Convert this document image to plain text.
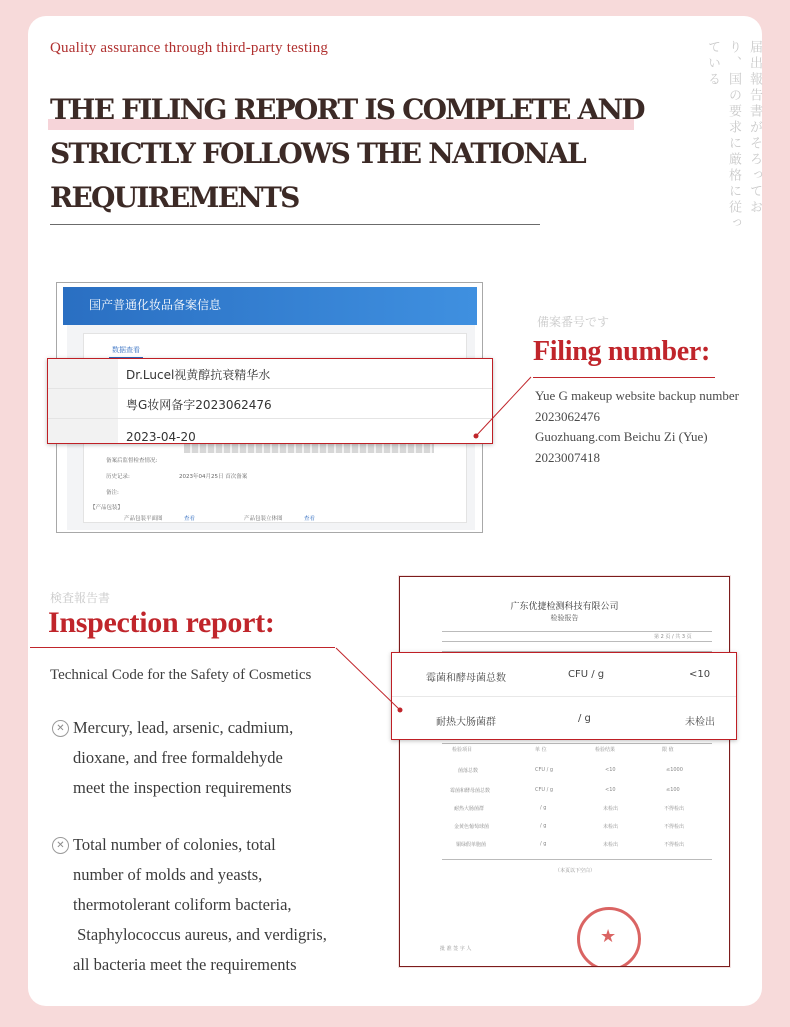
Quality assurance through third-party testing
THE FILING REPORT IS COMPLETE AND
STRICTLY FOLLOWS THE NATIONAL
REQUIREMENTS	届出報告書がそろっており、国の要求に厳格に従っている
国产普通化妆品备案信息
数据查看
备案后监督检查情况:
历史记录:	2023年04月25日 首次备案
备注:
【产品包装】
产品包装平面图	查看	产品包装立体图	查看
Dr.Lucel视黄醇抗衰精华水
粤G妆网备字2023062476
2023-04-20
備案番号です
Filing number:
Yue G makeup website backup number
2023062476
Guozhuang.com Beichu Zi (Yue)
2023007418
検査報告書
Inspection report:
Technical Code for the Safety of Cosmetics
✕ Mercury, lead, arsenic, cadmium,
dioxane, and free formaldehyde
meet the inspection requirements
✕ Total number of colonies, total
number of molds and yeasts,
thermotolerant coliform bacteria,
Staphylococcus aureus, and verdigris,
all bacteria meet the requirements
广东优捷检测科技有限公司
检验报告
第 2 页 / 共 3 页
检验项目	单 位	检验结果	限 值
菌落总数	CFU / g	<10	≤1000
霉菌和酵母菌总数	CFU / g	<10	≤100
耐热大肠菌群	/ g	未检出	不得检出
金黄色葡萄球菌	/ g	未检出	不得检出
铜绿假单胞菌	/ g	未检出	不得检出
（本页以下空白）
批 准 签 字 人
★
霉菌和酵母菌总数	CFU / g	<10
耐热大肠菌群	/ g	未检出
